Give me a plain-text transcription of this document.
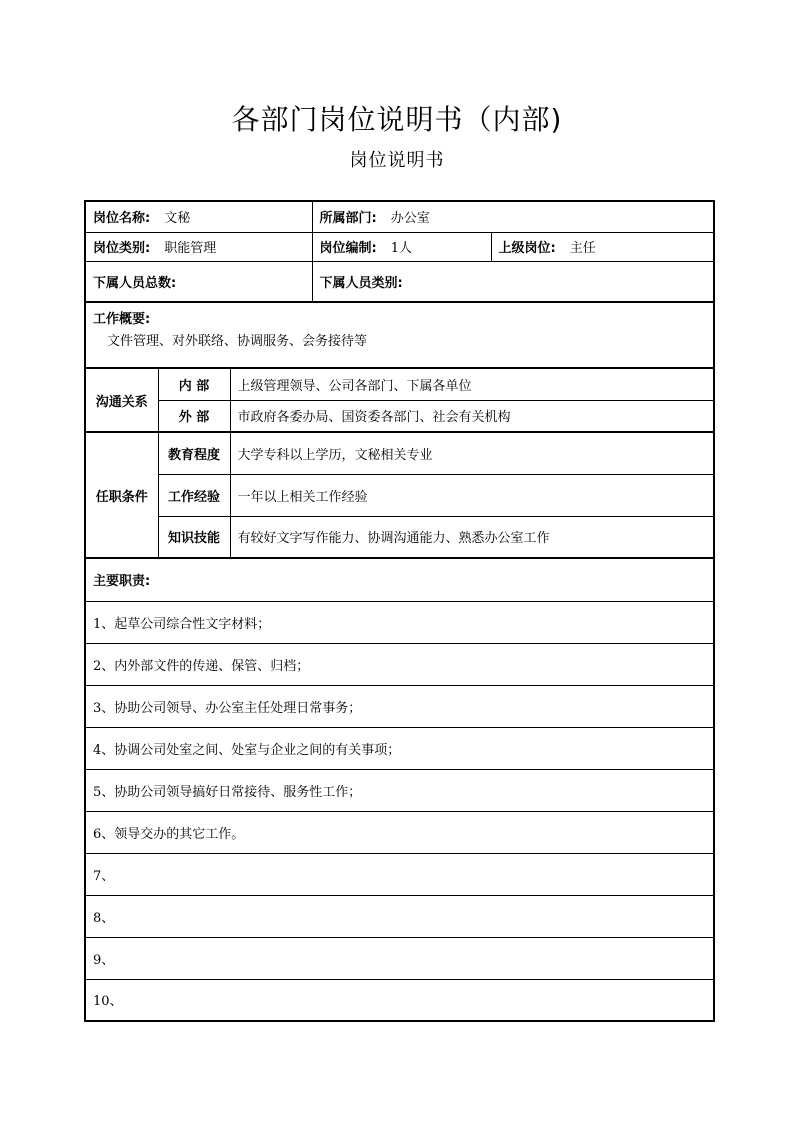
各部门岗位说明书（内部)
岗位说明书
岗位名称: 文秘			所属部门: 办公室	
岗位类别: 职能管理			岗位编制: 1人	上级岗位: 主任
下属人员总数:			下属人员类别:	
工作概要:
文件管理、对外联络、协调服务、会务接待等				

沟通关系	内 部	上级管理领导、公司各部门、下属各单位		
	外 部	市政府各委办局、国资委各部门、社会有关机构		
任职条件	教育程度	大学专科以上学历，文秘相关专业		
	工作经验	一年以上相关工作经验		
	知识技能	有较好文字写作能力、协调沟通能力、熟悉办公室工作		
主要职责:				
1、起草公司综合性文字材料；				
2、内外部文件的传递、保管、归档；				
3、协助公司领导、办公室主任处理日常事务；				
4、协调公司处室之间、处室与企业之间的有关事项；				
5、协助公司领导搞好日常接待、服务性工作；				
6、领导交办的其它工作。				
7、				
8、				
9、				
10、				
